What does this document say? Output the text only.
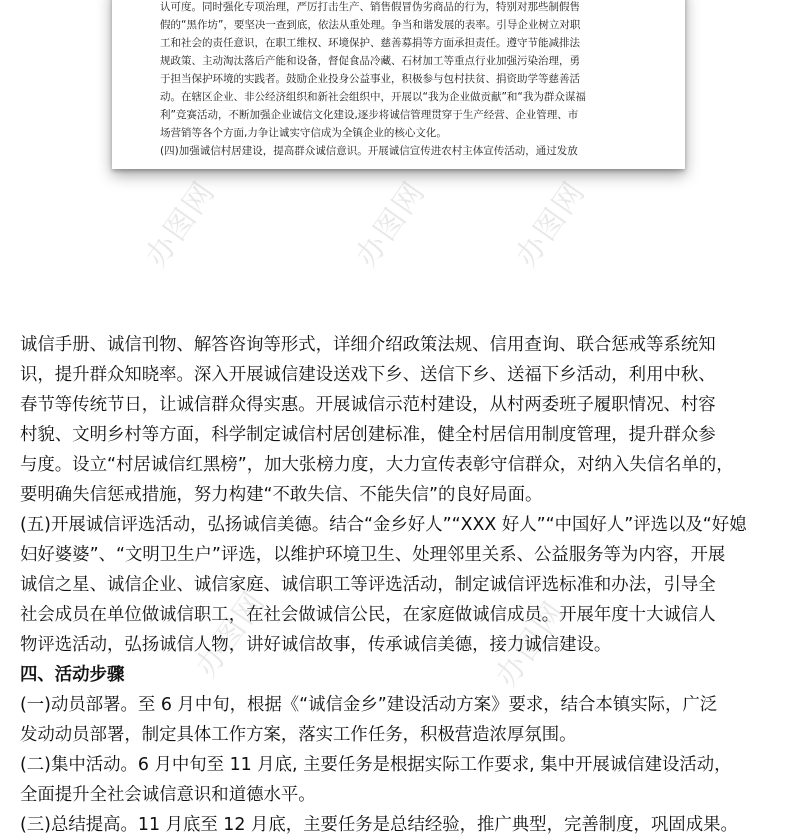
认可度。同时强化专项治理，严厉打击生产、销售假冒伪劣商品的行为，特别对那些制假售
假的“黑作坊”，要坚决一查到底，依法从重处理。争当和谐发展的表率。引导企业树立对职
工和社会的责任意识，在职工维权、环境保护、慈善募捐等方面承担责任。遵守节能减排法
规政策、主动淘汰落后产能和设备，督促食品冷藏、石材加工等重点行业加强污染治理，勇
于担当保护环境的实践者。鼓励企业投身公益事业，积极参与包村扶贫、捐资助学等慈善活
动。在辖区企业、非公经济组织和新社会组织中，开展以“我为企业做贡献”和“我为群众谋福
利”竞赛活动，不断加强企业诚信文化建设,逐步将诚信管理贯穿于生产经营、企业管理、市
场营销等各个方面,力争让诚实守信成为全镇企业的核心文化。
(四)加强诚信村居建设，提高群众诚信意识。开展诚信宣传进农村主体宣传活动，通过发放
办图网	办图网	办图网
办图网	办图网
诚信手册、诚信刊物、解答咨询等形式，详细介绍政策法规、信用查询、联合惩戒等系统知
识，提升群众知晓率。深入开展诚信建设送戏下乡、送信下乡、送福下乡活动，利用中秋、
春节等传统节日，让诚信群众得实惠。开展诚信示范村建设，从村两委班子履职情况、村容
村貌、文明乡村等方面，科学制定诚信村居创建标准，健全村居信用制度管理，提升群众参
与度。设立“村居诚信红黑榜”，加大张榜力度，大力宣传表彰守信群众，对纳入失信名单的，
要明确失信惩戒措施，努力构建“不敢失信、不能失信”的良好局面。
(五)开展诚信评选活动，弘扬诚信美德。结合“金乡好人”“XXX 好人”“中国好人”评选以及“好媳
妇好婆婆”、“文明卫生户”评选，以维护环境卫生、处理邻里关系、公益服务等为内容，开展
诚信之星、诚信企业、诚信家庭、诚信职工等评选活动，制定诚信评选标准和办法，引导全
社会成员在单位做诚信职工，在社会做诚信公民，在家庭做诚信成员。开展年度十大诚信人
物评选活动，弘扬诚信人物，讲好诚信故事，传承诚信美德，接力诚信建设。
四、活动步骤
(一)动员部署。至 6 月中旬，根据《“诚信金乡”建设活动方案》要求，结合本镇实际，广泛
发动动员部署，制定具体工作方案，落实工作任务，积极营造浓厚氛围。
(二)集中活动。6 月中旬至 11 月底, 主要任务是根据实际工作要求, 集中开展诚信建设活动，
全面提升全社会诚信意识和道德水平。
(三)总结提高。11 月底至 12 月底，主要任务是总结经验，推广典型，完善制度，巩固成果。
